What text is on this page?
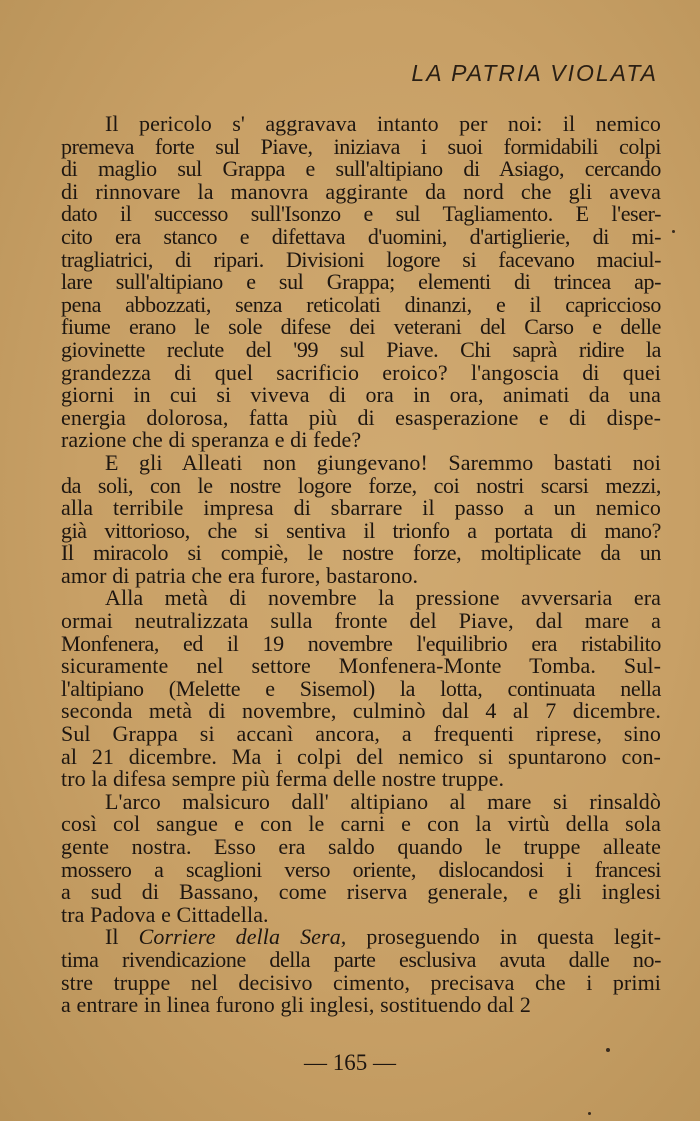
LA PATRIA VIOLATA
Il pericolo s' aggravava intanto per noi: il nemico
premeva forte sul Piave, iniziava i suoi formidabili colpi
di maglio sul Grappa e sull'altipiano di Asiago, cercando
di rinnovare la manovra aggirante da nord che gli aveva
dato il successo sull'Isonzo e sul Tagliamento. E l'eser-
cito era stanco e difettava d'uomini, d'artiglierie, di mi-
tragliatrici, di ripari. Divisioni logore si facevano maciul-
lare sull'altipiano e sul Grappa; elementi di trincea ap-
pena abbozzati, senza reticolati dinanzi, e il capriccioso
fiume erano le sole difese dei veterani del Carso e delle
giovinette reclute del '99 sul Piave. Chi saprà ridire la
grandezza di quel sacrificio eroico? l'angoscia di quei
giorni in cui si viveva di ora in ora, animati da una
energia dolorosa, fatta più di esasperazione e di dispe-
razione che di speranza e di fede?
E gli Alleati non giungevano! Saremmo bastati noi
da soli, con le nostre logore forze, coi nostri scarsi mezzi,
alla terribile impresa di sbarrare il passo a un nemico
già vittorioso, che si sentiva il trionfo a portata di mano?
Il miracolo si compiè, le nostre forze, moltiplicate da un
amor di patria che era furore, bastarono.
Alla metà di novembre la pressione avversaria era
ormai neutralizzata sulla fronte del Piave, dal mare a
Monfenera, ed il 19 novembre l'equilibrio era ristabilito
sicuramente nel settore Monfenera-Monte Tomba. Sul-
l'altipiano (Melette e Sisemol) la lotta, continuata nella
seconda metà di novembre, culminò dal 4 al 7 dicembre.
Sul Grappa si accanì ancora, a frequenti riprese, sino
al 21 dicembre. Ma i colpi del nemico si spuntarono con-
tro la difesa sempre più ferma delle nostre truppe.
L'arco malsicuro dall' altipiano al mare si rinsaldò
così col sangue e con le carni e con la virtù della sola
gente nostra. Esso era saldo quando le truppe alleate
mossero a scaglioni verso oriente, dislocandosi i francesi
a sud di Bassano, come riserva generale, e gli inglesi
tra Padova e Cittadella.
Il Corriere della Sera, proseguendo in questa legit-
tima rivendicazione della parte esclusiva avuta dalle no-
stre truppe nel decisivo cimento, precisava che i primi
a entrare in linea furono gli inglesi, sostituendo dal 2
— 165 —
